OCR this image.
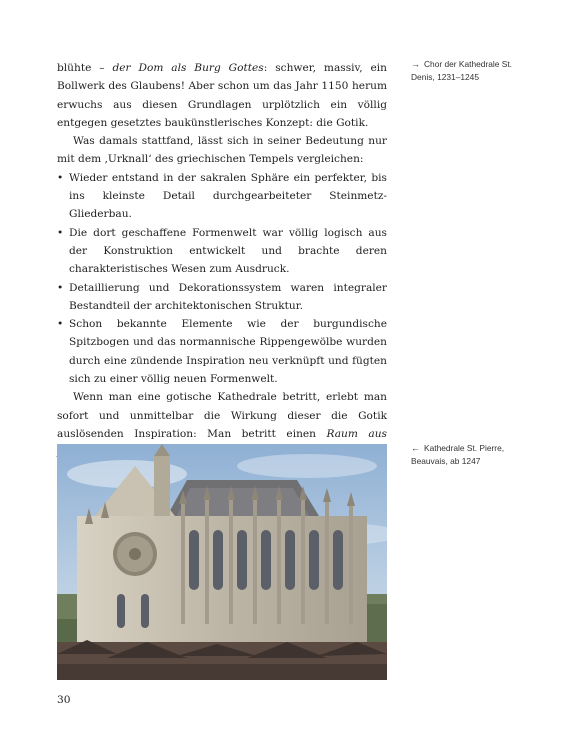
blühte – der Dom als Burg Gottes: schwer, massiv, ein Bollwerk des Glaubens! Aber schon um das Jahr 1150 herum erwuchs aus diesen Grundlagen urplötzlich ein völlig entgegen gesetztes baukünstlerisches Konzept: die Gotik.

Was damals stattfand, lässt sich in seiner Bedeutung nur mit dem ‚Urknall‘ des griechischen Tempels vergleichen:

• Wieder entstand in der sakralen Sphäre ein perfekter, bis ins kleinste Detail durchgearbeiteter Steinmetz-Gliederbau.
• Die dort geschaffene Formenwelt war völlig logisch aus der Konstruktion entwickelt und brachte deren charakteristisches Wesen zum Ausdruck.
• Detaillierung und Dekorationssystem waren integraler Bestandteil der architektonischen Struktur.
• Schon bekannte Elemente wie der burgundische Spitzbogen und das normannische Rippengewölbe wurden durch eine zündende Inspiration neu verknüpft und fügten sich zu einer völlig neuen Formenwelt.

Wenn man eine gotische Kathedrale betritt, erlebt man sofort und unmittelbar die Wirkung dieser die Gotik auslösenden Inspiration: Man betritt einen Raum aus

→ Chor der Kathedrale St. Denis, 1231–1245
← Kathedrale St. Pierre, Beauvais, ab 1247
30
